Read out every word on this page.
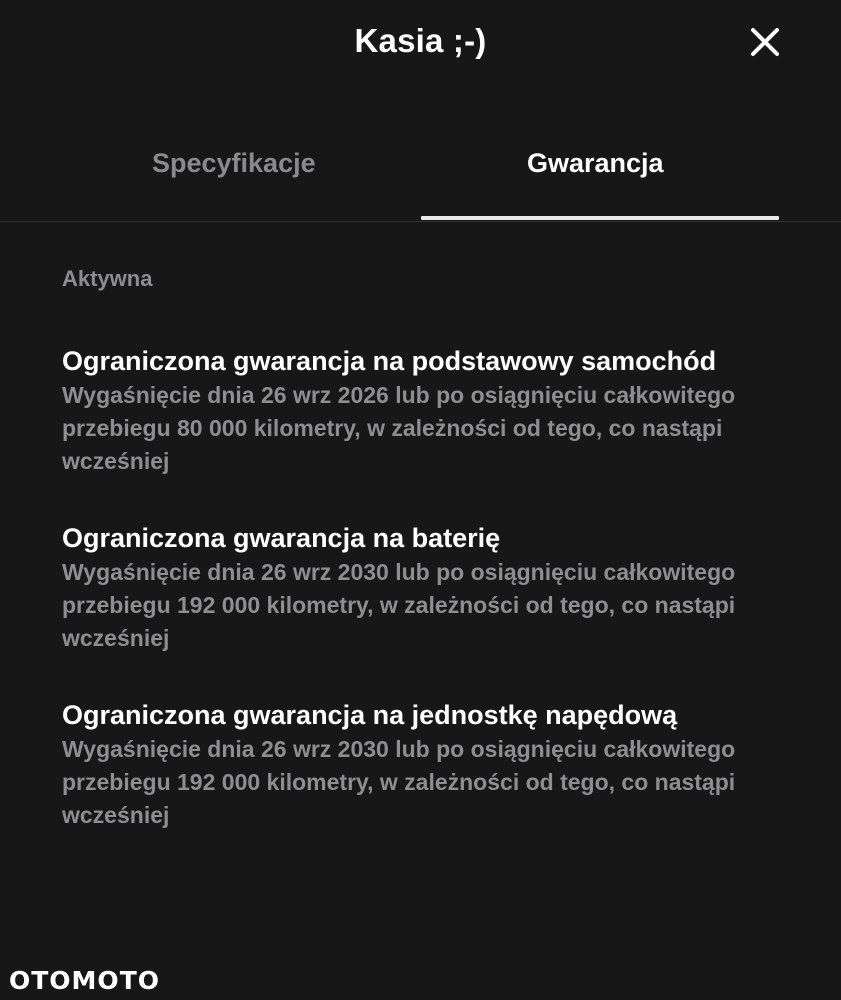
Kasia ;-)
Specyfikacje	Gwarancja
Aktywna
Ograniczona gwarancja na podstawowy samochód
Wygaśnięcie dnia 26 wrz 2026 lub po osiągnięciu całkowitego przebiegu 80 000 kilometry, w zależności od tego, co nastąpi wcześniej
Ograniczona gwarancja na baterię
Wygaśnięcie dnia 26 wrz 2030 lub po osiągnięciu całkowitego przebiegu 192 000 kilometry, w zależności od tego, co nastąpi wcześniej
Ograniczona gwarancja na jednostkę napędową
Wygaśnięcie dnia 26 wrz 2030 lub po osiągnięciu całkowitego przebiegu 192 000 kilometry, w zależności od tego, co nastąpi wcześniej
OTOMOTO
